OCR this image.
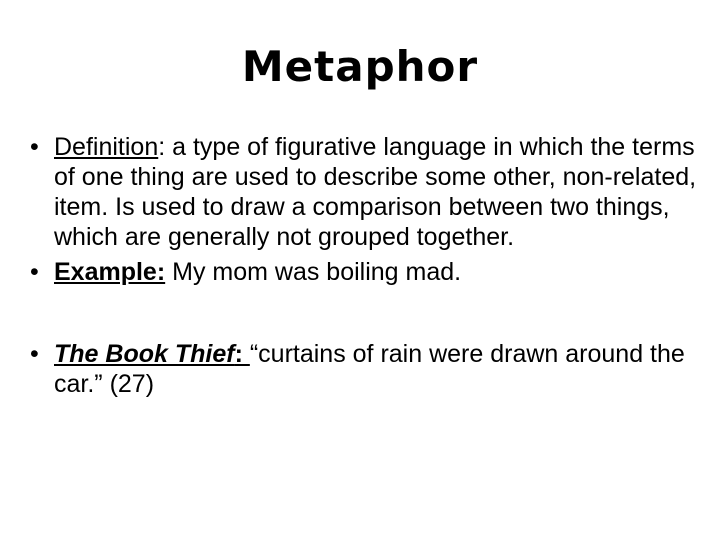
Metaphor
• Definition: a type of figurative language in which the terms of one thing are used to describe some other, non-related, item. Is used to draw a comparison between two things, which are generally not grouped together.
• Example: My mom was boiling mad.
• The Book Thief: “curtains of rain were drawn around the car.” (27)
